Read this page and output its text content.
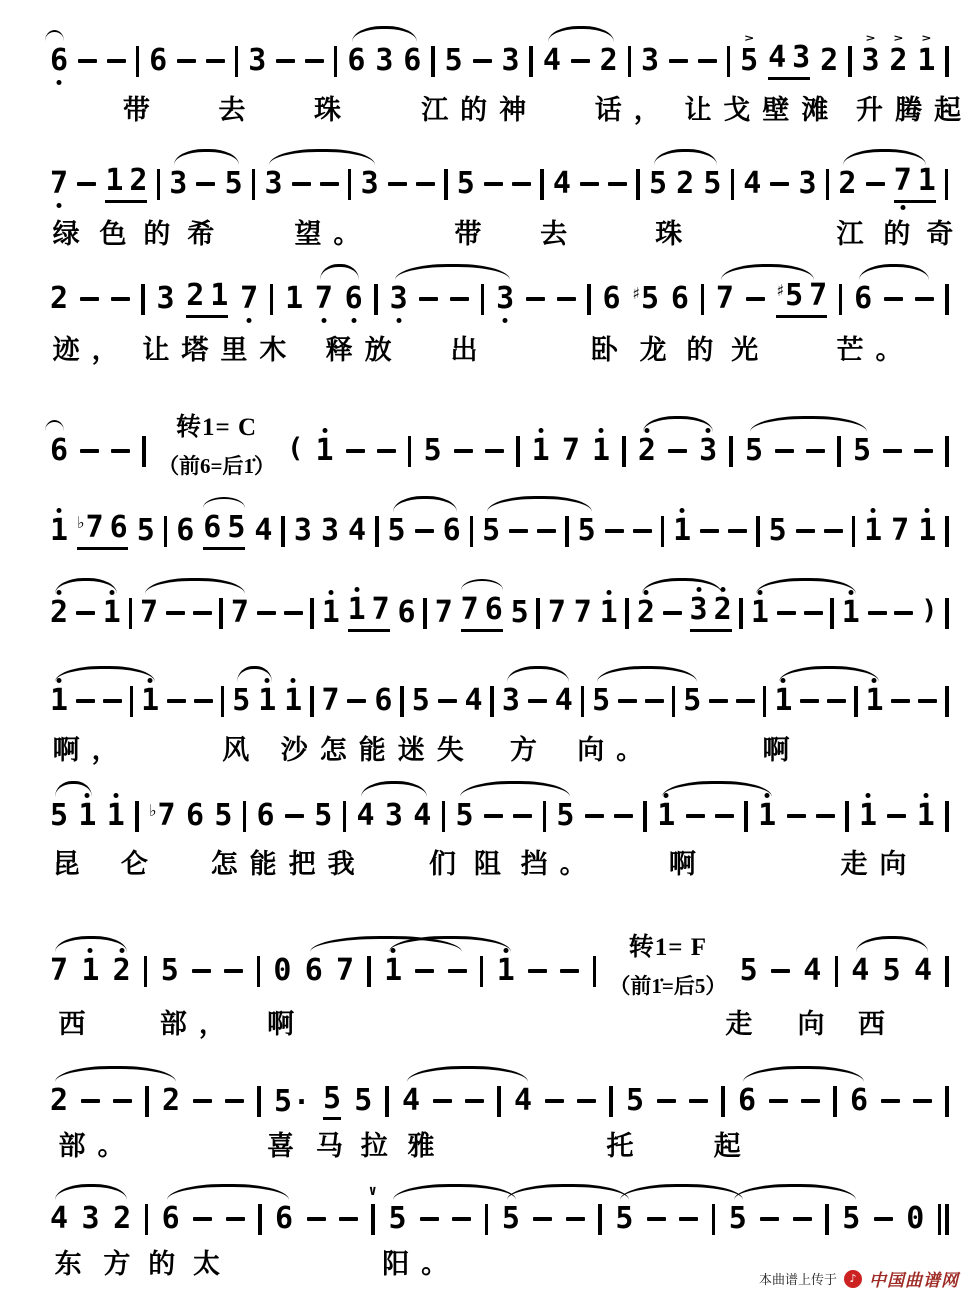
6	6	3	6 3 6 5 3 4 2 3	5
>
4 3 2 3
>
2
>
1
>
带 去 珠	江的神 话， 让戈壁滩 升腾起
7 1 2 3 5 3	3	5	4	5 2 5 4 3 2 7 1
绿 色 的 希	望。	带 去	珠	江 的 奇
2	3 2 1 7 1 7 6 3	3	6 ♯5 6 7	♯5 7 6
迹， 让塔里木 释放 出	卧 龙 的 光 芒。
6
转1= C
（前6=后1̇）
( 1	5	1 7 1 2 3 5	5
1 ♭7 6 5 6 6 5 4 3 3 4 5 6 5	5	1	5	1 7 1
2 1 7 7 1 1 7 6 7 7 6 5 7 7 1 2 3 2 1 1 )
1 1 5 1 1 7 6 5 4 3 4 5 5 1 1
啊，	风 沙怎能迷失 方 向。	啊
5 1 1 ♭7 6 5 6 5 4 3 4 5	5	1	1	1 1
昆 仑 怎能把我 们 阻 挡。	啊	走向
7 1 2 5	0 6 7 1	1
转1= F
（前1̇=后5） 5 4 4 5 4
西 部， 啊	走 向 西
2	2	5· 5 5 4	4	5	6	6
部。	喜 马 拉 雅	托	起
4 3 2 6	6
∨
5	5	5	5	5 0
东 方 的 太	阳。
本曲谱上传于 ♪ 中国曲谱网
